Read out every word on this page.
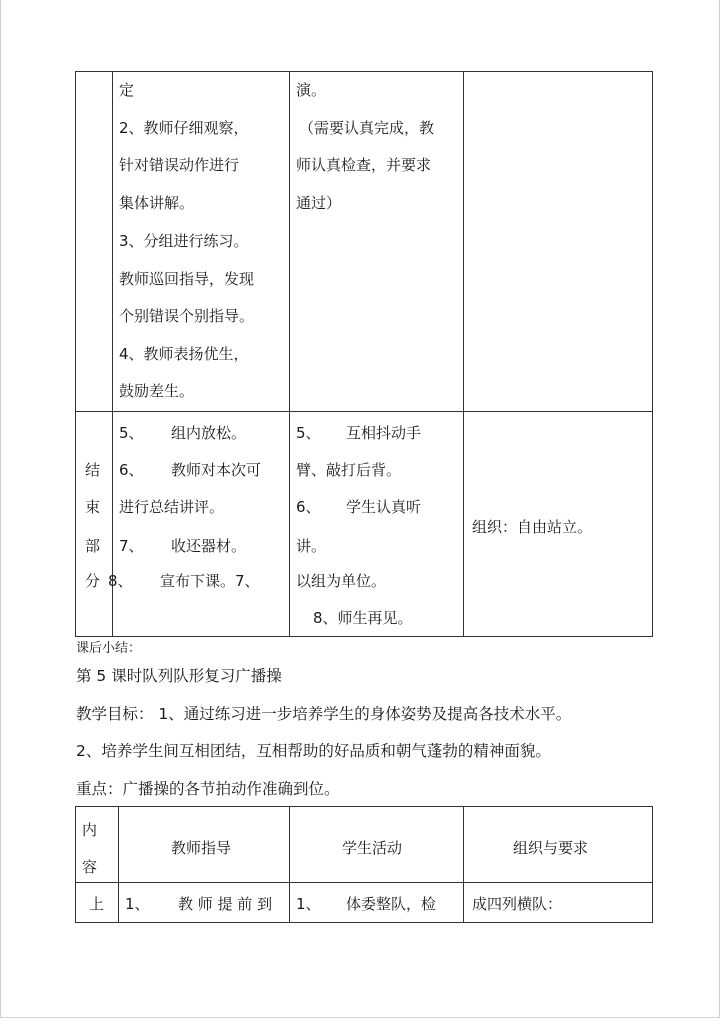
定
2、教师仔细观察，
针对错误动作进行
集体讲解。
3、分组进行练习。
教师巡回指导，发现
个别错误个别指导。
4、教师表扬优生，
鼓励差生。
演。
（需要认真完成，教
师认真检查，并要求
通过）
结
束
部
分
5、 组内放松。
6、 教师对本次可
进行总结讲评。
7、 收还器材。
8、 宣布下课。7、
5、 互相抖动手
臂、敲打后背。
6、 学生认真听
讲。
以组为单位。
8、师生再见。
组织：自由站立。
课后小结：
第 5 课时队列队形复习广播操
教学目标： 1、通过练习进一步培养学生的身体姿势及提高各技术水平。
2、培养学生间互相团结，互相帮助的好品质和朝气蓬勃的精神面貌。
重点：广播操的各节拍动作准确到位。
内
容
教师指导	学生活动	组织与要求
上 1、 教 师 提 前 到 1、 体委整队，检 成四列横队：
